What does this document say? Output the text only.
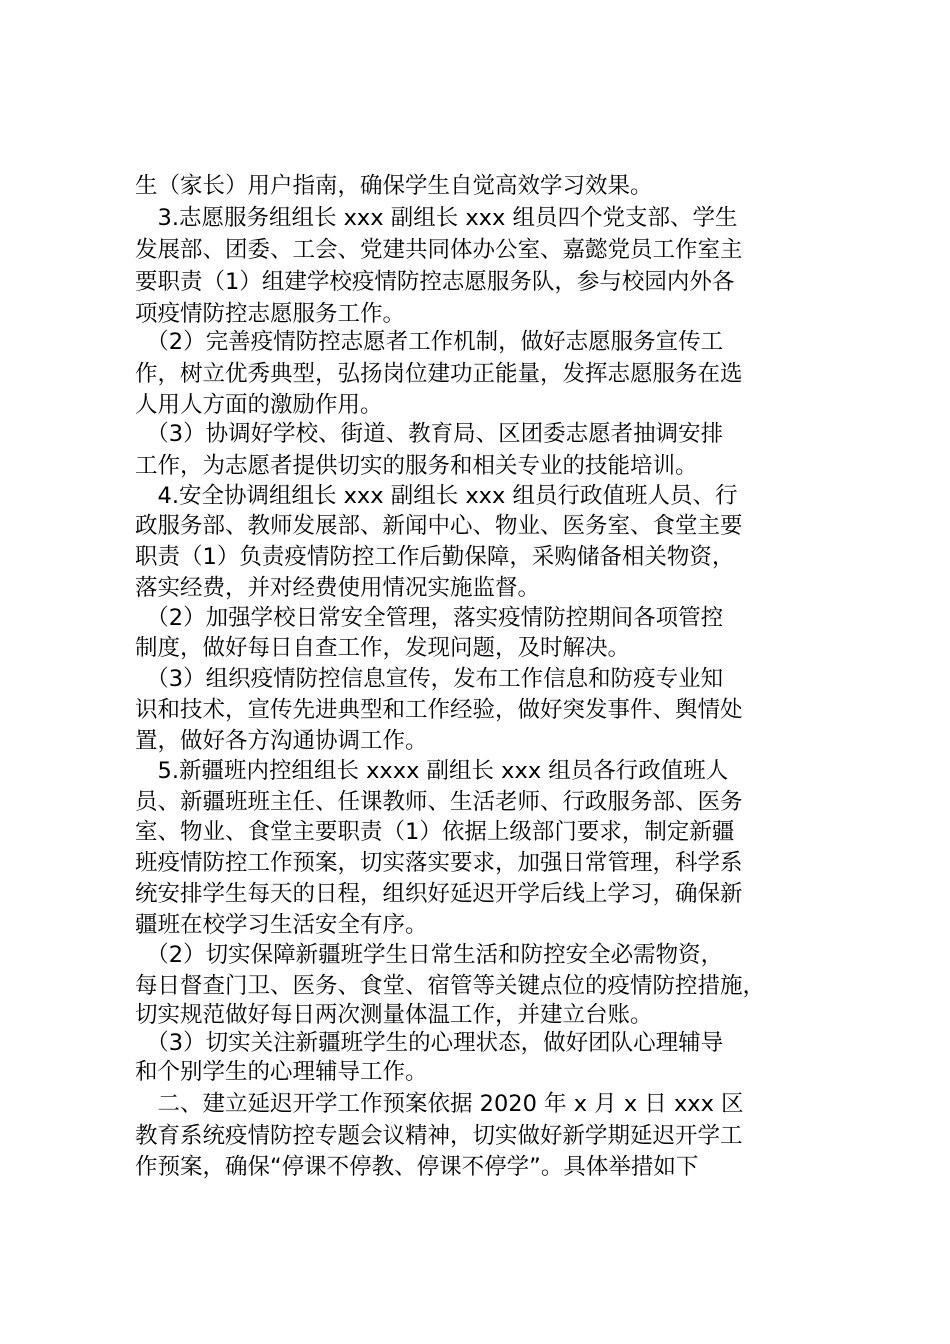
生（家长）用户指南，确保学生自觉高效学习效果。
　3.志愿服务组组长 xxx 副组长 xxx 组员四个党支部、学生
发展部、团委、工会、党建共同体办公室、嘉懿党员工作室主
要职责（1）组建学校疫情防控志愿服务队，参与校园内外各
项疫情防控志愿服务工作。
　（2）完善疫情防控志愿者工作机制，做好志愿服务宣传工
作，树立优秀典型，弘扬岗位建功正能量，发挥志愿服务在选
人用人方面的激励作用。
　（3）协调好学校、街道、教育局、区团委志愿者抽调安排
工作，为志愿者提供切实的服务和相关专业的技能培训。
　4.安全协调组组长 xxx 副组长 xxx 组员行政值班人员、行
政服务部、教师发展部、新闻中心、物业、医务室、食堂主要
职责（1）负责疫情防控工作后勤保障，采购储备相关物资，
落实经费，并对经费使用情况实施监督。
　（2）加强学校日常安全管理，落实疫情防控期间各项管控
制度，做好每日自查工作，发现问题，及时解决。
　（3）组织疫情防控信息宣传，发布工作信息和防疫专业知
识和技术，宣传先进典型和工作经验，做好突发事件、舆情处
置，做好各方沟通协调工作。
　5.新疆班内控组组长 xxxx 副组长 xxx 组员各行政值班人
员、新疆班班主任、任课教师、生活老师、行政服务部、医务
室、物业、食堂主要职责（1）依据上级部门要求，制定新疆
班疫情防控工作预案，切实落实要求，加强日常管理，科学系
统安排学生每天的日程，组织好延迟开学后线上学习，确保新
疆班在校学习生活安全有序。
　（2）切实保障新疆班学生日常生活和防控安全必需物资，
每日督查门卫、医务、食堂、宿管等关键点位的疫情防控措施，
切实规范做好每日两次测量体温工作，并建立台账。
　（3）切实关注新疆班学生的心理状态，做好团队心理辅导
和个别学生的心理辅导工作。
　二、建立延迟开学工作预案依据 2020 年 x 月 x 日 xxx 区
教育系统疫情防控专题会议精神，切实做好新学期延迟开学工
作预案，确保“停课不停教、停课不停学”。具体举措如下
